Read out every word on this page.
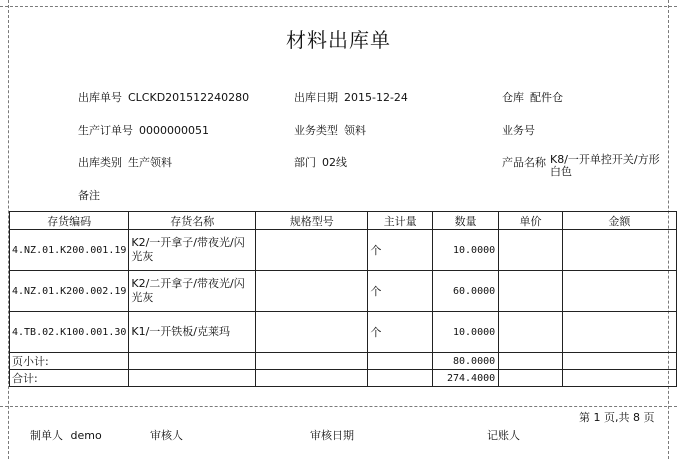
材料出库单
出库单号 CLCKD201512240280	出库日期 2015-12-24	仓库 配件仓
生产订单号 0000000051	业务类型 领料	业务号
出库类别 生产领料	部门 02线	产品名称 K8/一开单控开关/方形白色
备注
存货编码	存货名称	规格型号	主计量	数量	单价	金额
4.NZ.01.K200.001.19	K2/一开拿子/带夜光/闪光灰		个	10.0000		
4.NZ.01.K200.002.19	K2/二开拿子/带夜光/闪光灰		个	60.0000		
4.TB.02.K100.001.30	K1/一开铁板/克莱玛		个	10.0000		
页小计:				80.0000		
合计:				274.4000		
第 1 页,共 8 页
制单人 demo	审核人	审核日期	记账人
